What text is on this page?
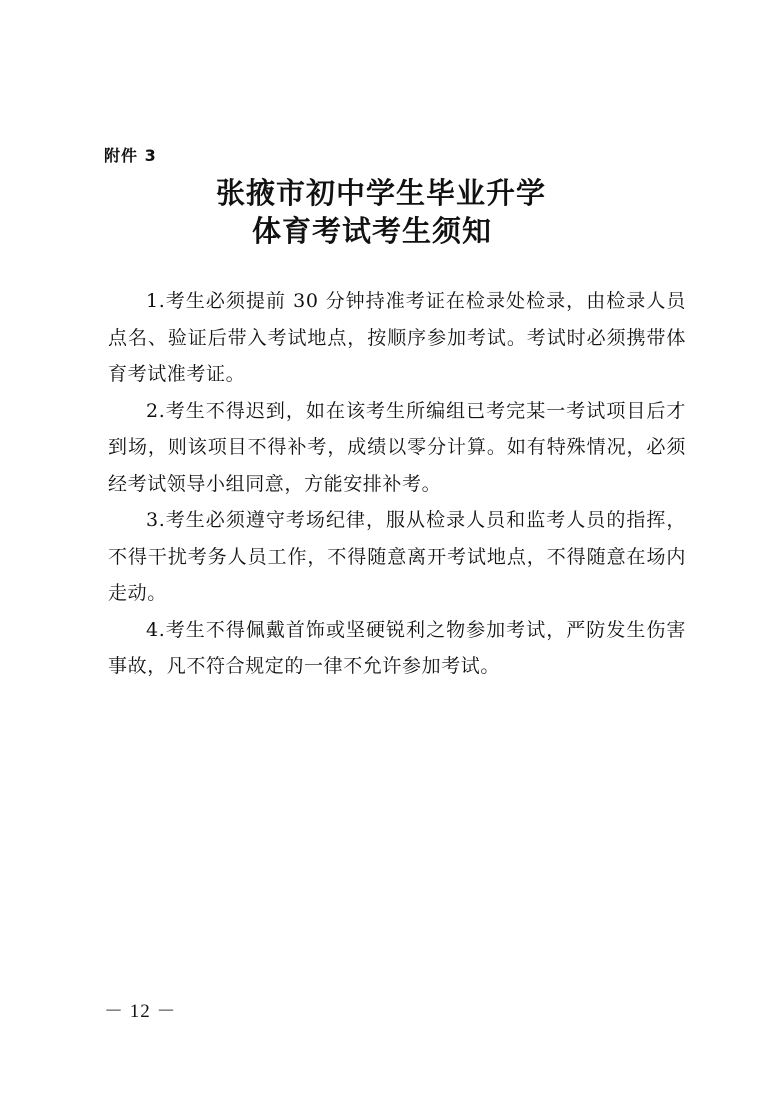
附件 3
张掖市初中学生毕业升学
体育考试考生须知

1.考生必须提前 30 分钟持准考证在检录处检录，由检录人员点名、验证后带入考试地点，按顺序参加考试。考试时必须携带体育考试准考证。

2.考生不得迟到，如在该考生所编组已考完某一考试项目后才到场，则该项目不得补考，成绩以零分计算。如有特殊情况，必须经考试领导小组同意，方能安排补考。

3.考生必须遵守考场纪律，服从检录人员和监考人员的指挥，不得干扰考务人员工作，不得随意离开考试地点，不得随意在场内走动。

4.考生不得佩戴首饰或坚硬锐利之物参加考试，严防发生伤害事故，凡不符合规定的一律不允许参加考试。

－ 12 －
